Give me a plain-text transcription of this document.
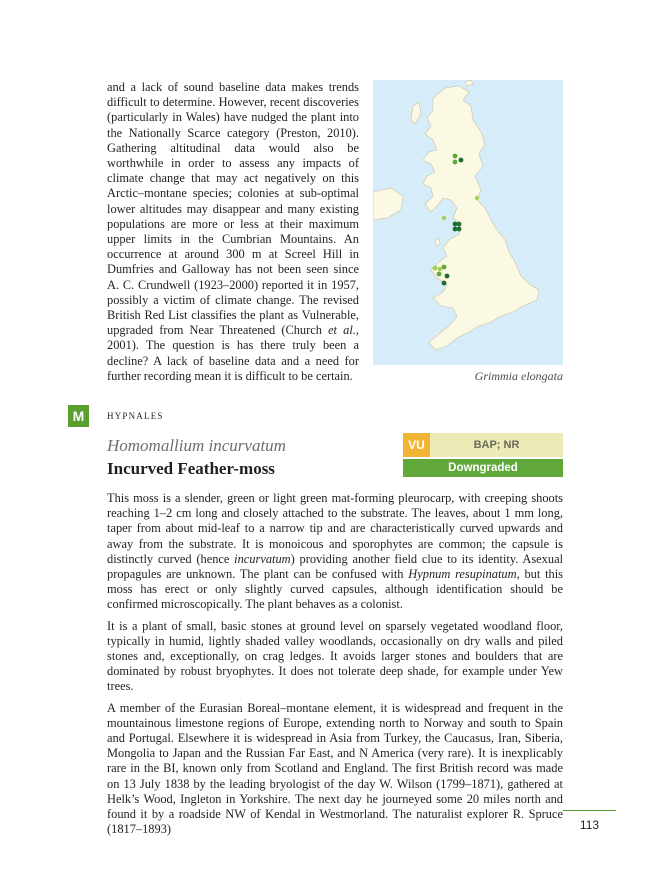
and a lack of sound baseline data makes trends difficult to determine. However, recent discoveries (particularly in Wales) have nudged the plant into the Nationally Scarce category (Preston, 2010). Gathering altitudinal data would also be worthwhile in order to assess any impacts of climate change that may act negatively on this Arctic–montane species; colonies at sub-optimal lower altitudes may disappear and many existing populations are more or less at their maximum upper limits in the Cumbrian Mountains. An occurrence at around 300 m at Screel Hill in Dumfries and Galloway has not been seen since A. C. Crundwell (1923–2000) reported it in 1957, possibly a victim of climate change. The revised British Red List classifies the plant as Vulnerable, upgraded from Near Threatened (Church et al., 2001). The question is has there truly been a decline? A lack of baseline data and a need for further recording mean it is difficult to be certain.	Grimmia elongata
M	HYPNALES
Homomallium incurvatum
Incurved Feather-moss
VU	BAP; NR
Downgraded

This moss is a slender, green or light green mat-forming pleurocarp, with creeping shoots reaching 1–2 cm long and closely attached to the substrate. The leaves, about 1 mm long, taper from about mid-leaf to a narrow tip and are characteristically curved upwards and away from the substrate. It is monoicous and sporophytes are common; the capsule is distinctly curved (hence incurvatum) providing another field clue to its identity. Asexual propagules are unknown. The plant can be confused with Hypnum resupinatum, but this moss has erect or only slightly curved capsules, although identification should be confirmed microscopically. The plant behaves as a colonist.

It is a plant of small, basic stones at ground level on sparsely vegetated woodland floor, typically in humid, lightly shaded valley woodlands, occasionally on dry walls and piled stones and, exceptionally, on crag ledges. It avoids larger stones and boulders that are dominated by robust bryophytes. It does not tolerate deep shade, for example under Yew trees.

A member of the Eurasian Boreal–montane element, it is widespread and frequent in the mountainous limestone regions of Europe, extending north to Norway and south to Spain and Portugal. Elsewhere it is widespread in Asia from Turkey, the Caucasus, Iran, Siberia, Mongolia to Japan and the Russian Far East, and N America (very rare). It is inexplicably rare in the BI, known only from Scotland and England. The first British record was made on 13 July 1838 by the leading bryologist of the day W. Wilson (1799–1871), gathered at Helk’s Wood, Ingleton in Yorkshire. The next day he journeyed some 20 miles north and found it by a roadside NW of Kendal in Westmorland. The naturalist explorer R. Spruce (1817–1893)	113
